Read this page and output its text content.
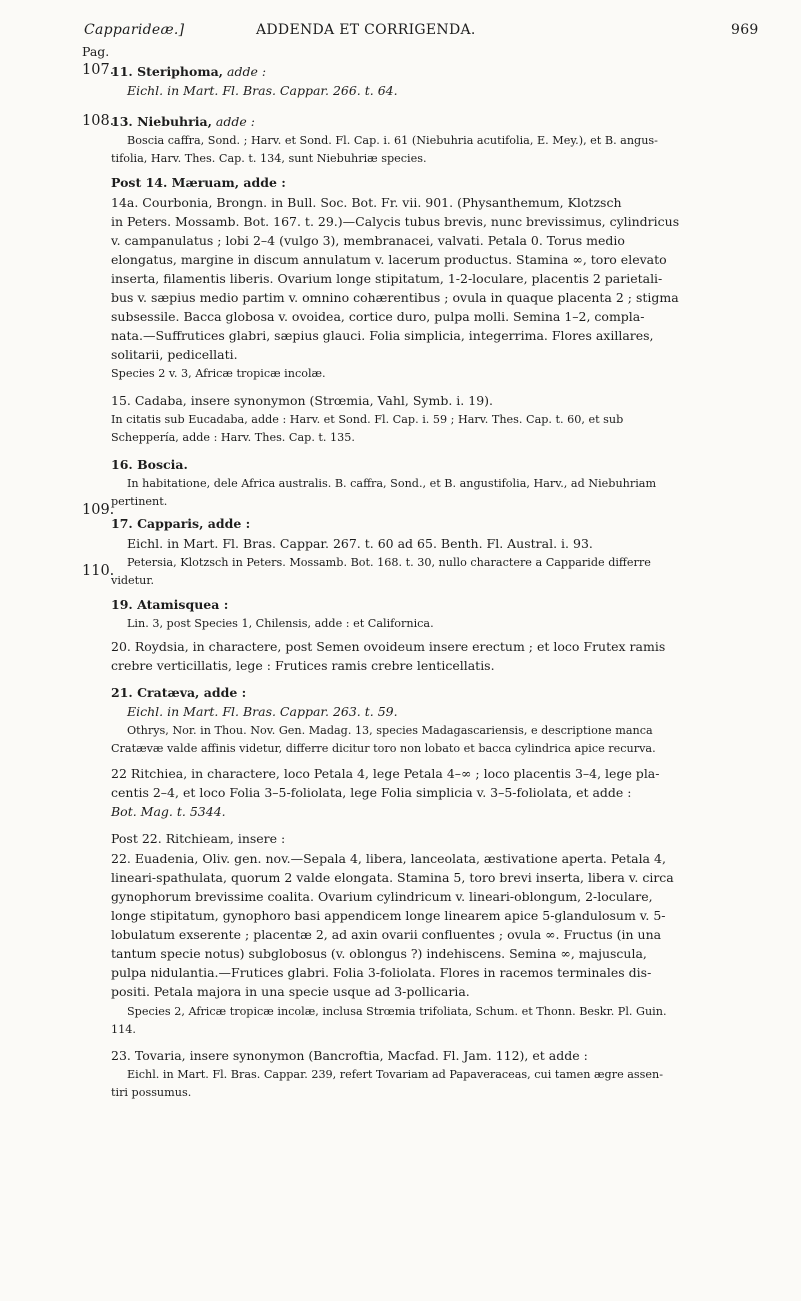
Capparideæ.]	ADDENDA ET CORRIGENDA.	969
Pag.
107.
108.
109.
110.
11. Steriphoma, adde :
Eichl. in Mart. Fl. Bras. Cappar. 266. t. 64.
13. Niebuhria, adde :
Boscia caffra, Sond. ; Harv. et Sond. Fl. Cap. i. 61 (Niebuhria acutifolia, E. Mey.), et B. angus-
tifolia, Harv. Thes. Cap. t. 134, sunt Niebuhriæ species.
Post 14. Mæruam, adde :
14a. Courbonia, Brongn. in Bull. Soc. Bot. Fr. vii. 901. (Physanthemum, Klotzsch
in Peters. Mossamb. Bot. 167. t. 29.)—Calycis tubus brevis, nunc brevissimus, cylindricus
v. campanulatus ; lobi 2–4 (vulgo 3), membranacei, valvati. Petala 0. Torus medio
elongatus, margine in discum annulatum v. lacerum productus. Stamina ∞, toro elevato
inserta, filamentis liberis. Ovarium longe stipitatum, 1-2-loculare, placentis 2 parietali-
bus v. sæpius medio partim v. omnino cohærentibus ; ovula in quaque placenta 2 ; stigma
subsessile. Bacca globosa v. ovoidea, cortice duro, pulpa molli. Semina 1–2, compla-
nata.—Suffrutices glabri, sæpius glauci. Folia simplicia, integerrima. Flores axillares,
solitarii, pedicellati.
Species 2 v. 3, Africæ tropicæ incolæ.
15. Cadaba, insere synonymon (Strœmia, Vahl, Symb. i. 19).
In citatis sub Eucadaba, adde : Harv. et Sond. Fl. Cap. i. 59 ; Harv. Thes. Cap. t. 60, et sub
Scheppería, adde : Harv. Thes. Cap. t. 135.
16. Boscia.
In habitatione, dele Africa australis. B. caffra, Sond., et B. angustifolia, Harv., ad Niebuhriam
pertinent.
17. Capparis, adde :
Eichl. in Mart. Fl. Bras. Cappar. 267. t. 60 ad 65. Benth. Fl. Austral. i. 93.
Petersia, Klotzsch in Peters. Mossamb. Bot. 168. t. 30, nullo charactere a Capparide differre
videtur.
19. Atamisquea :
Lin. 3, post Species 1, Chilensis, adde : et Californica.
20. Roydsia, in charactere, post Semen ovoideum insere erectum ; et loco Frutex ramis
crebre verticillatis, lege : Frutices ramis crebre lenticellatis.
21. Cratæva, adde :
Eichl. in Mart. Fl. Bras. Cappar. 263. t. 59.
Othrys, Nor. in Thou. Nov. Gen. Madag. 13, species Madagascariensis, e descriptione manca
Cratævæ valde affinis videtur, differre dicitur toro non lobato et bacca cylindrica apice recurva.
22 Ritchiea, in charactere, loco Petala 4, lege Petala 4–∞ ; loco placentis 3–4, lege pla-
centis 2–4, et loco Folia 3–5-foliolata, lege Folia simplicia v. 3–5-foliolata, et adde :
Bot. Mag. t. 5344.
Post 22. Ritchieam, insere :
22. Euadenia, Oliv. gen. nov.—Sepala 4, libera, lanceolata, æstivatione aperta. Petala 4,
lineari-spathulata, quorum 2 valde elongata. Stamina 5, toro brevi inserta, libera v. circa
gynophorum brevissime coalita. Ovarium cylindricum v. lineari-oblongum, 2-loculare,
longe stipitatum, gynophoro basi appendicem longe linearem apice 5-glandulosum v. 5-
lobulatum exserente ; placentæ 2, ad axin ovarii confluentes ; ovula ∞. Fructus (in una
tantum specie notus) subglobosus (v. oblongus ?) indehiscens. Semina ∞, majuscula,
pulpa nidulantia.—Frutices glabri. Folia 3-foliolata. Flores in racemos terminales dis-
positi. Petala majora in una specie usque ad 3-pollicaria.
Species 2, Africæ tropicæ incolæ, inclusa Strœmia trifoliata, Schum. et Thonn. Beskr. Pl. Guin.
114.
23. Tovaria, insere synonymon (Bancroftia, Macfad. Fl. Jam. 112), et adde :
Eichl. in Mart. Fl. Bras. Cappar. 239, refert Tovariam ad Papaveraceas, cui tamen ægre assen-
tiri possumus.
